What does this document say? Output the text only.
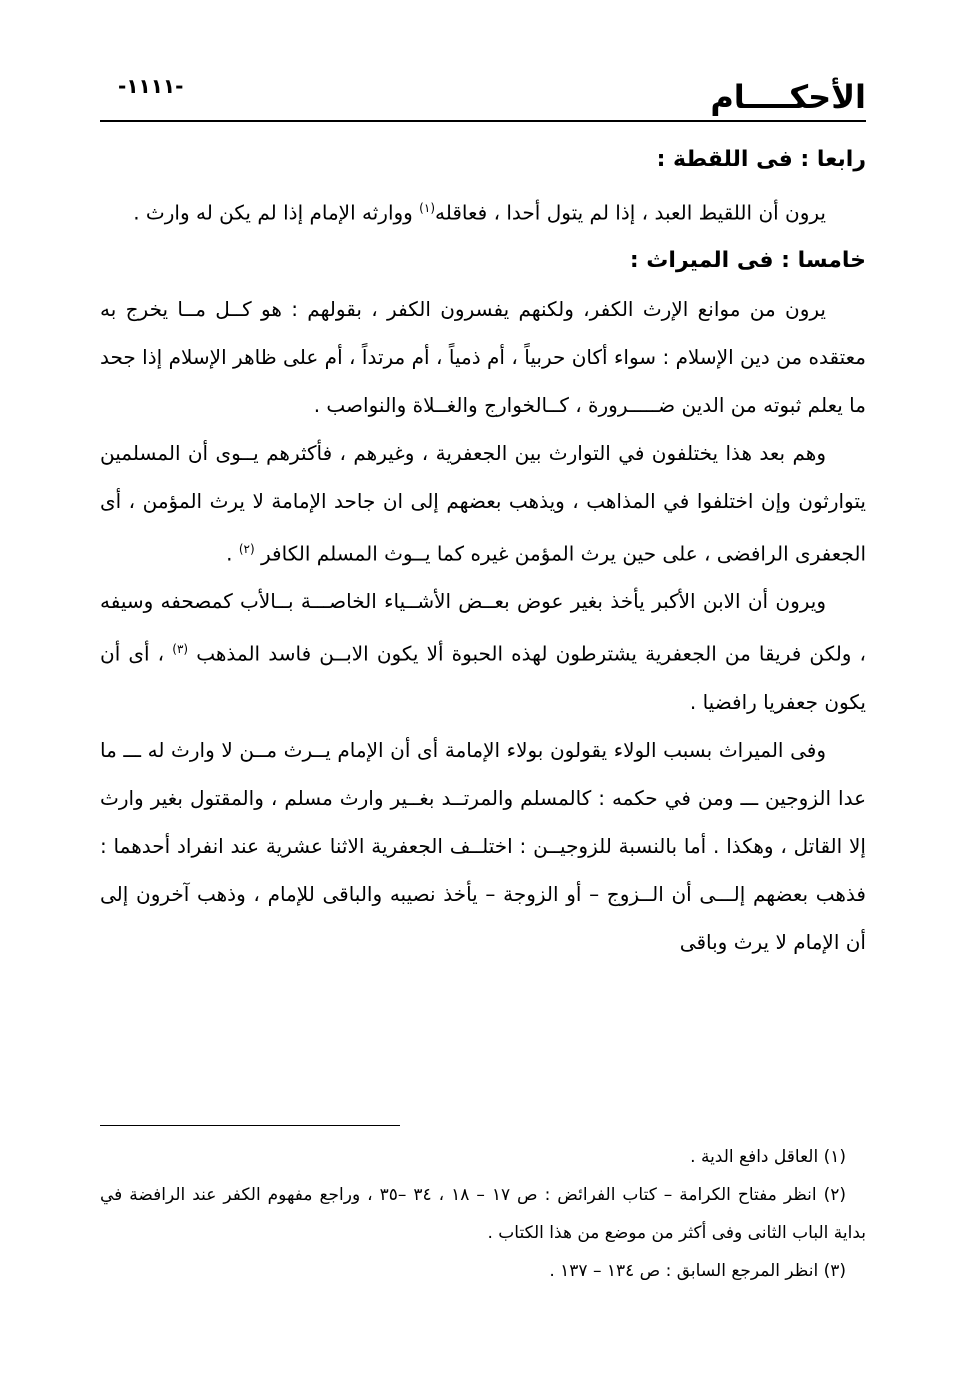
الأحكــــام
-١١١١-

رابعا : فى اللقطة :

يرون أن اللقيط العبد ، إذا لم يتول أحدا ، فعاقله$^{(١)}$ ووارثه الإمام إذا لم يكن له وارث .

خامسا : فى الميراث :

يرون من موانع الإرث الكفر، ولكنهم يفسرون الكفر ، بقولهم : هو كــل مــا يخرج به معتقده من دين الإسلام : سواء أكان حربياً ، أم ذمياً ، أم مرتداً ، أم على ظاهر الإسلام إذا جحد ما يعلم ثبوته من الدين ضـــــرورة ، كــالخوارج والغــلاة والنواصب .

وهم بعد هذا يختلفون في التوارث بين الجعفرية ، وغيرهم ، فأكثرهم يــوى أن المسلمين يتوارثون وإن اختلفوا في المذاهب ، ويذهب بعضهم إلى ان جاحد الإمامة لا يرث المؤمن ، أى الجعفرى الرافضى ، على حين يرث المؤمن غيره كما يــوث المسلم الكافر $^{(٢)}$ .

ويرون أن الابن الأكبر يأخذ بغير عوض بعــض الأشــياء الخاصـــة بــالأب كمصحفه وسيفه ، ولكن فريقا من الجعفرية يشترطون لهذه الحبوة ألا يكون الابــن فاسد المذهب $^{(٣)}$ ، أى أن يكون جعفريا رافضيا .

وفى الميراث بسبب الولاء يقولون بولاء الإمامة أى أن الإمام يــرث مــن لا وارث له ـــ ما عدا الزوجين ـــ ومن في حكمه : كالمسلم والمرتــد بغــير وارث مسلم ، والمقتول بغير وارث إلا القاتل ، وهكذا . أما بالنسبة للزوجيــن : اختلــف الجعفرية الاثنا عشرية عند انفراد أحدهما : فذهب بعضهم إلـــى أن الــزوج – أو الزوجة – يأخذ نصيبه والباقى للإمام ، وذهب آخرون إلى أن الإمام لا يرث وباقى

(١) العاقل دافع الدية .

(٢) انظر مفتاح الكرامة – كتاب الفرائض : ص ١٧ – ١٨ ، ٣٤ –٣٥ ، وراجع مفهوم الكفر عند الرافضة في بداية الباب الثانى وفى أكثر من موضع من هذا الكتاب .

(٣) انظر المرجع السابق : ص ١٣٤ – ١٣٧ .
